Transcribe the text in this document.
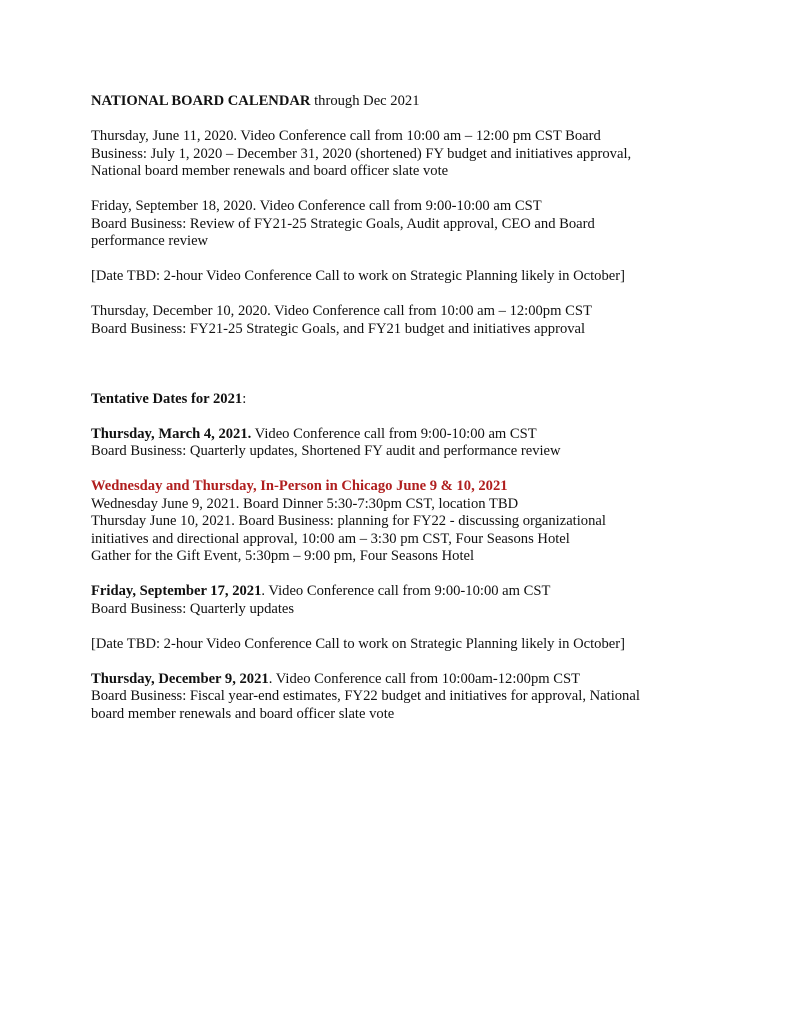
NATIONAL BOARD CALENDAR through Dec 2021

Thursday, June 11, 2020. Video Conference call from 10:00 am – 12:00 pm CST Board
Business: July 1, 2020 – December 31, 2020 (shortened) FY budget and initiatives approval,
National board member renewals and board officer slate vote

Friday, September 18, 2020. Video Conference call from 9:00-10:00 am CST
Board Business: Review of FY21-25 Strategic Goals, Audit approval, CEO and Board
performance review

[Date TBD: 2-hour Video Conference Call to work on Strategic Planning likely in October]

Thursday, December 10, 2020. Video Conference call from 10:00 am – 12:00pm CST
Board Business: FY21-25 Strategic Goals, and FY21 budget and initiatives approval

Tentative Dates for 2021:

Thursday, March 4, 2021. Video Conference call from 9:00-10:00 am CST
Board Business: Quarterly updates, Shortened FY audit and performance review

Wednesday and Thursday, In-Person in Chicago June 9 & 10, 2021
Wednesday June 9, 2021. Board Dinner 5:30-7:30pm CST, location TBD
Thursday June 10, 2021. Board Business: planning for FY22 - discussing organizational
initiatives and directional approval, 10:00 am – 3:30 pm CST, Four Seasons Hotel
Gather for the Gift Event, 5:30pm – 9:00 pm, Four Seasons Hotel

Friday, September 17, 2021. Video Conference call from 9:00-10:00 am CST
Board Business: Quarterly updates

[Date TBD: 2-hour Video Conference Call to work on Strategic Planning likely in October]

Thursday, December 9, 2021. Video Conference call from 10:00am-12:00pm CST
Board Business: Fiscal year-end estimates, FY22 budget and initiatives for approval, National
board member renewals and board officer slate vote
